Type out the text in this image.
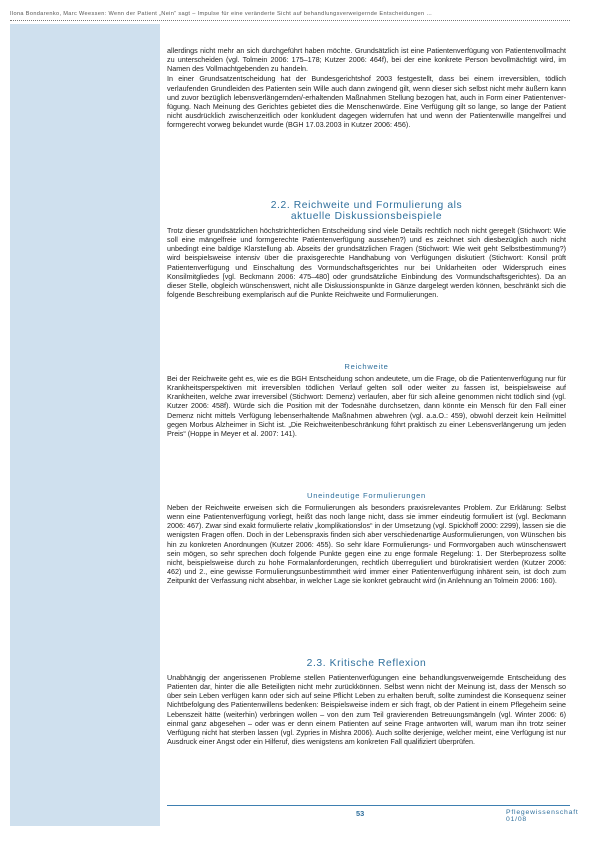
Ilona Bondarenko, Marc Weessen: Wenn der Patient „Nein“ sagt – Impulse für eine veränderte Sicht auf behandlungsverweigernde Entscheidungen …

allerdings nicht mehr an sich durchgeführt haben möchte. Grundsätzlich ist eine Patientenverfügung von Patientenvollmacht zu unterscheiden (vgl. Tolmein 2006: 175–178; Kutzer 2006: 464f), bei der eine konkrete Person bevollmächtigt wird, im Namen des Vollmachtgebenden zu handeln.

In einer Grundsatzentscheidung hat der Bundesgerichtshof 2003 festgestellt, dass bei einem irreversiblen, tödlich verlaufenden Grundleiden des Patienten sein Wille auch dann zwingend gilt, wenn dieser sich selbst nicht mehr äußern kann und zuvor bezüglich lebensverlängernden/-erhaltenden Maßnahmen Stellung bezogen hat, auch in Form einer Patientenverfügung. Nach Meinung des Gerichtes gebietet dies die Menschenwürde. Eine Verfügung gilt so lange, so lange der Patient nicht ausdrücklich zwischenzeitlich oder konkludent dagegen widerrufen hat und wenn der Patientenwille mangelfrei und formgerecht vorweg bekundet wurde (BGH 17.03.2003 in Kutzer 2006: 456).

2.2. Reichweite und Formulierung als
aktuelle Diskussionsbeispiele

Trotz dieser grundsätzlichen höchstrichterlichen Entscheidung sind viele Details rechtlich noch nicht geregelt (Stichwort: Wie soll eine mängelfreie und formgerechte Patientenverfügung aussehen?) und es zeichnet sich diesbezüglich auch nicht unbedingt eine baldige Klarstellung ab. Abseits der grundsätzlichen Fragen (Stichwort: Wie weit geht Selbstbestimmung?) wird beispielsweise intensiv über die praxisgerechte Handhabung von Verfügungen diskutiert (Stichwort: Konsil prüft Patientenverfügung und Einschaltung des Vormundschaftsgerichtes nur bei Unklarheiten oder Widerspruch eines Konsilmitgliedes [vgl. Beckmann 2006: 475–480] oder grundsätzliche Einbindung des Vormundschaftsgerichtes). Da an dieser Stelle, obgleich wünschenswert, nicht alle Diskussionspunkte in Gänze dargelegt werden können, beschränkt sich die folgende Beschreibung exemplarisch auf die Punkte Reichweite und Formulierungen.

Reichweite

Bei der Reichweite geht es, wie es die BGH Entscheidung schon andeutete, um die Frage, ob die Patientenverfügung nur für Krankheitsperspektiven mit irreversiblen tödlichen Verlauf gelten soll oder weiter zu fassen ist, beispielsweise auf Krankheiten, welche zwar irreversibel (Stichwort: Demenz) verlaufen, aber für sich alleine genommen nicht tödlich sind (vgl. Kutzer 2006: 458f). Würde sich die Position mit der Todesnähe durchsetzen, dann könnte ein Mensch für den Fall einer Demenz nicht mittels Verfügung lebenserhaltende Maßnahmen abwehren (vgl. a.a.O.: 459), obwohl derzeit kein Heilmittel gegen Morbus Alzheimer in Sicht ist. „Die Reichweitenbeschränkung führt praktisch zu einer Lebensverlängerung um jeden Preis“ (Hoppe in Meyer et al. 2007: 141).

Uneindeutige Formulierungen

Neben der Reichweite erweisen sich die Formulierungen als besonders praxisrelevantes Problem. Zur Erklärung: Selbst wenn eine Patientenverfügung vorliegt, heißt das noch lange nicht, dass sie immer eindeutig formuliert ist (vgl. Beckmann 2006: 467). Zwar sind exakt formulierte relativ „komplikationslos“ in der Umsetzung (vgl. Spickhoff 2000: 2299), lassen sie die wenigsten Fragen offen. Doch in der Lebenspraxis finden sich aber verschiedenartige Ausformulierungen, von Wünschen bis hin zu konkreten Anordnungen (Kutzer 2006: 455). So sehr klare Formulierungs- und Formvorgaben auch wünschenswert sein mögen, so sehr sprechen doch folgende Punkte gegen eine zu enge formale Regelung: 1. Der Sterbeprozess sollte nicht, beispielsweise durch zu hohe Formalanforderungen, rechtlich überreguliert und bürokratisiert werden (Kutzer 2006: 462) und 2., eine gewisse Formulierungsunbestimmtheit wird immer einer Patientenverfügung inhärent sein, ist doch zum Zeitpunkt der Verfassung nicht absehbar, in welcher Lage sie konkret gebraucht wird (in Anlehnung an Tolmein 2006: 160).

2.3. Kritische Reflexion

Unabhängig der angerissenen Probleme stellen Patientenverfügungen eine behandlungsverweigernde Entscheidung des Patienten dar, hinter die alle Beteiligten nicht mehr zurückkönnen. Selbst wenn nicht der Meinung ist, dass der Mensch so über sein Leben verfügen kann oder sich auf seine Pflicht Leben zu erhalten beruft, sollte zumindest die Konsequenz seiner Nichtbefolgung des Patientenwillens bedenken: Beispielsweise indem er sich fragt, ob der Patient in einem Pflegeheim seine Lebenszeit hätte (weiterhin) verbringen wollen – von den zum Teil gravierenden Betreuungsmängeln (vgl. Winter 2006: 6) einmal ganz abgesehen – oder was er denn einem Patienten auf seine Frage antworten will, warum man ihn trotz seiner Verfügung nicht hat sterben lassen (vgl. Zypries in Mishra 2006). Auch sollte derjenige, welcher meint, eine Verfügung ist nur Ausdruck einer Angst oder ein Hilferuf, dies wenigstens am konkreten Fall qualifiziert überprüfen.

53	Pflegewissenschaft 01/08
